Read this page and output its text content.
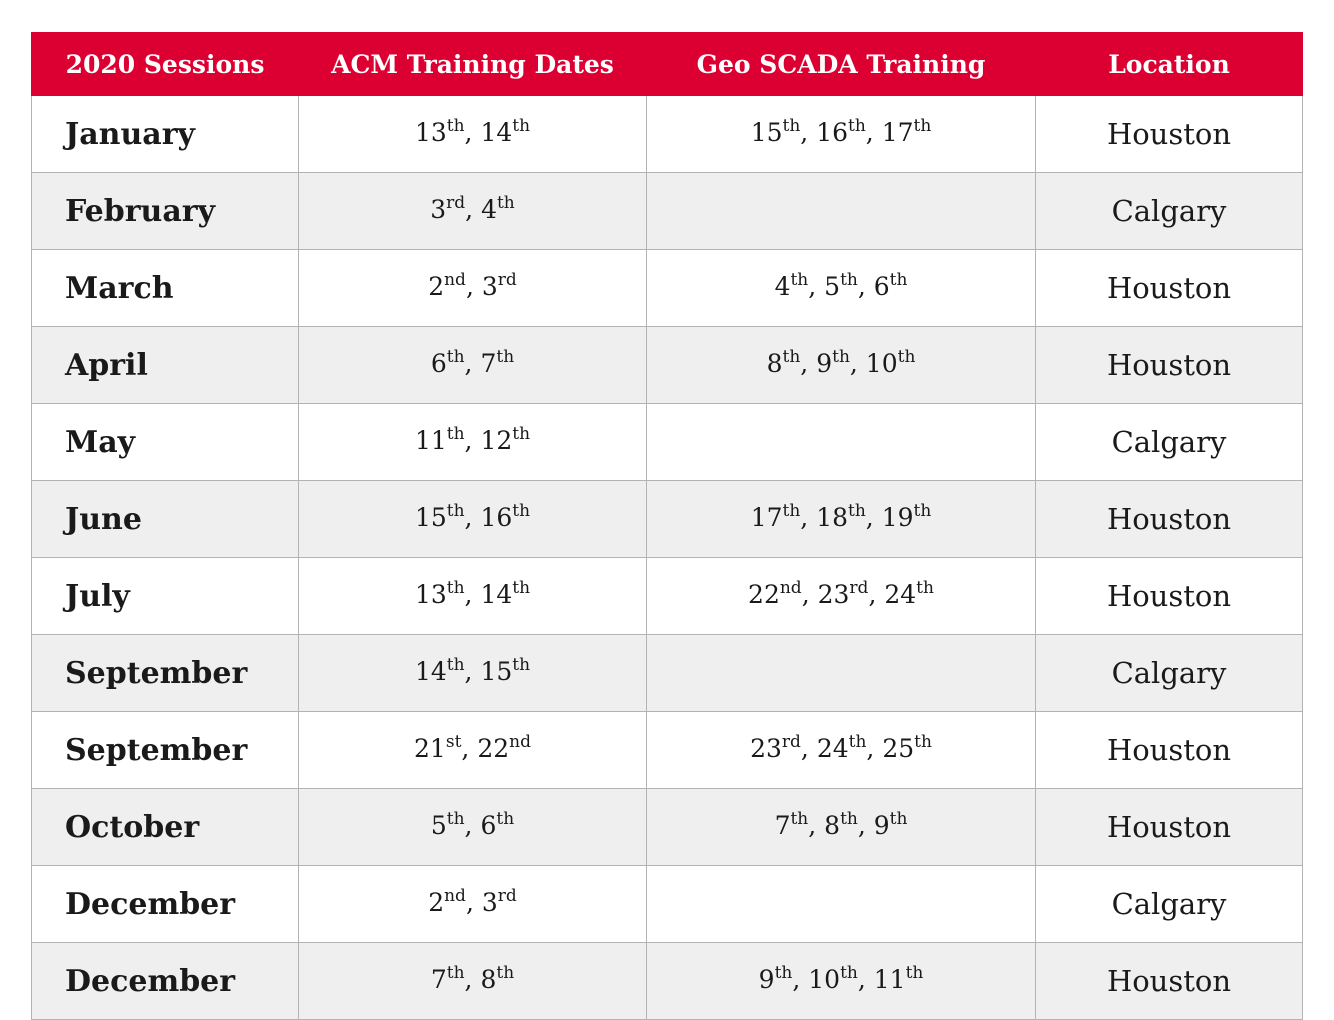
2020 Sessions	ACM Training Dates	Geo SCADA Training	Location
January	13th, 14th	15th, 16th, 17th	Houston
February	3rd, 4th		Calgary
March	2nd, 3rd	4th, 5th, 6th	Houston
April	6th, 7th	8th, 9th, 10th	Houston
May	11th, 12th		Calgary
June	15th, 16th	17th, 18th, 19th	Houston
July	13th, 14th	22nd, 23rd, 24th	Houston
September	14th, 15th		Calgary
September	21st, 22nd	23rd, 24th, 25th	Houston
October	5th, 6th	7th, 8th, 9th	Houston
December	2nd, 3rd		Calgary
December	7th, 8th	9th, 10th, 11th	Houston
